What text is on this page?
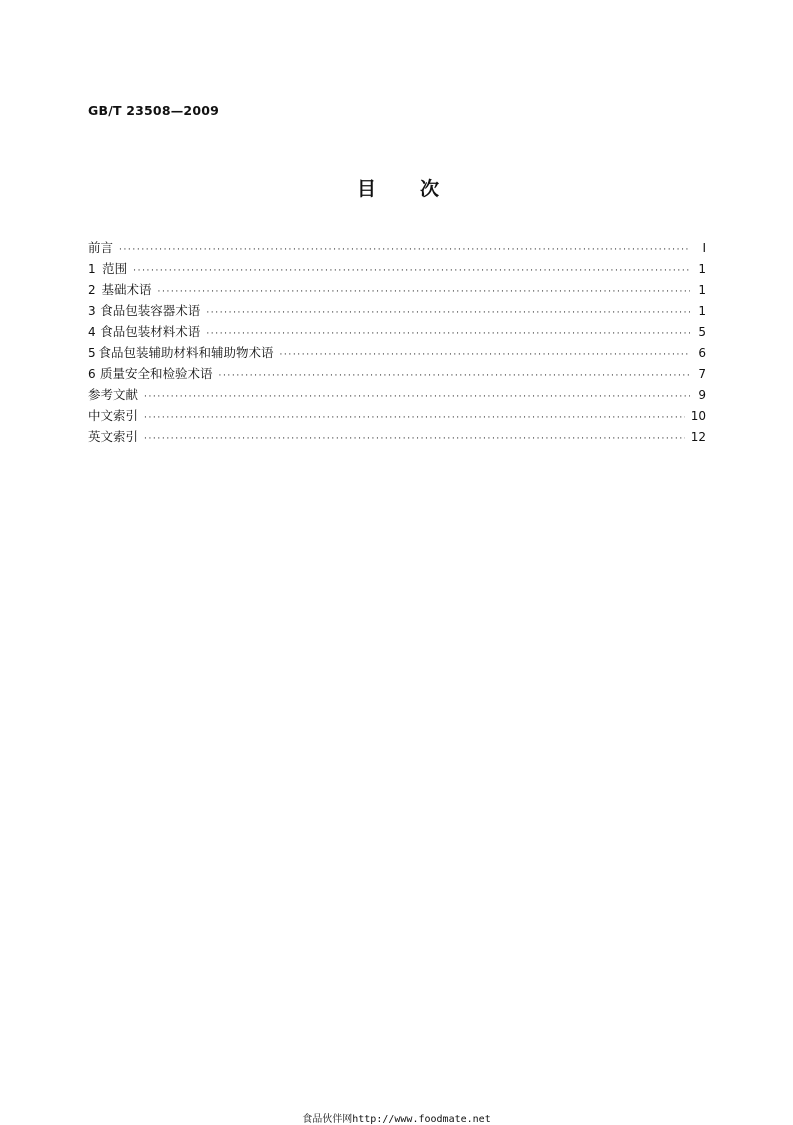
GB/T 23508—2009
目 次
前言 ·····	Ⅰ
1 范围 ·····	1
2 基础术语 ·····	1
3 食品包装容器术语 ·····	1
4 食品包装材料术语 ·····	5
5 食品包装辅助材料和辅助物术语 ·····	6
6 质量安全和检验术语 ·····	7
参考文献 ·····	9
中文索引 ·····	10
英文索引 ·····	12
食品伙伴网http://www.foodmate.net
